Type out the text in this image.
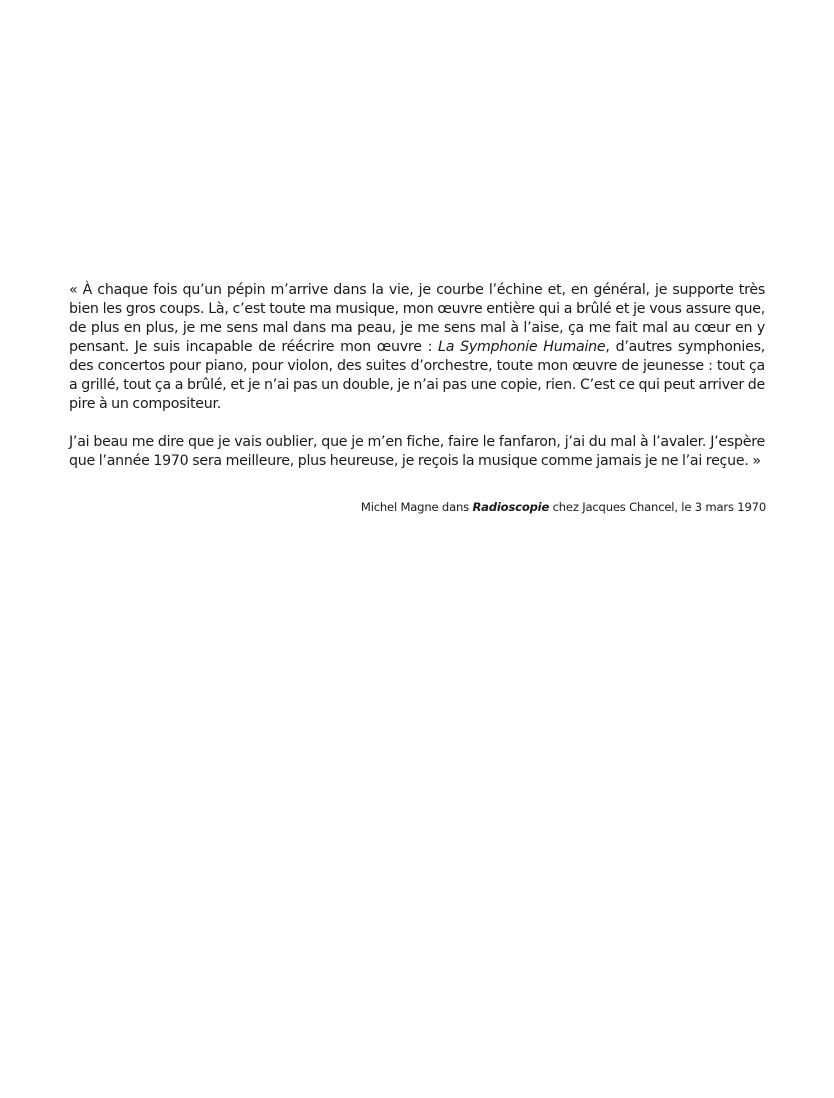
« À chaque fois qu’un pépin m’arrive dans la vie, je courbe l’échine et, en général, je supporte très bien les gros coups. Là, c’est toute ma musique, mon œuvre entière qui a brûlé et je vous assure que, de plus en plus, je me sens mal dans ma peau, je me sens mal à l’aise, ça me fait mal au cœur en y pensant. Je suis incapable de réécrire mon œuvre : La Symphonie Humaine, d’autres symphonies, des concertos pour piano, pour violon, des suites d’orchestre, toute mon œuvre de jeunesse : tout ça a grillé, tout ça a brûlé, et je n’ai pas un double, je n’ai pas une copie, rien. C’est ce qui peut arriver de pire à un compositeur.

J’ai beau me dire que je vais oublier, que je m’en fiche, faire le fanfaron, j’ai du mal à l’avaler. J’espère que l’année 1970 sera meilleure, plus heureuse, je reçois la musique comme jamais je ne l’ai reçue. »

Michel Magne dans Radioscopie chez Jacques Chancel, le 3 mars 1970
